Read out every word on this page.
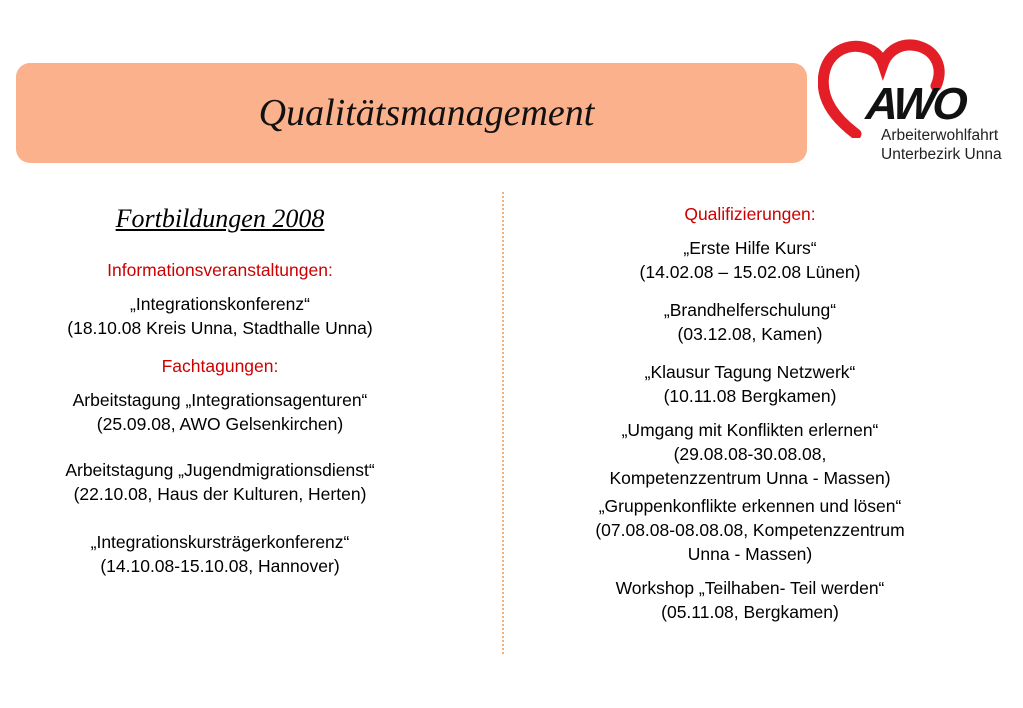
Qualitätsmanagement	AWO
Arbeiterwohlfahrt
Unterbezirk Unna

Fortbildungen 2008

Informationsveranstaltungen:

„Integrationskonferenz“

(18.10.08 Kreis Unna, Stadthalle Unna)

Fachtagungen:

Arbeitstagung „Integrationsagenturen“

(25.09.08, AWO Gelsenkirchen)

Arbeitstagung „Jugendmigrationsdienst“

(22.10.08, Haus der Kulturen, Herten)

„Integrationskursträgerkonferenz“

(14.10.08-15.10.08, Hannover)

Qualifizierungen:

„Erste Hilfe Kurs“

(14.02.08 – 15.02.08 Lünen)

„Brandhelferschulung“

(03.12.08, Kamen)

„Klausur Tagung Netzwerk“

(10.11.08 Bergkamen)

„Umgang mit Konflikten erlernen“

(29.08.08-30.08.08,

Kompetenzzentrum Unna - Massen)

„Gruppenkonflikte erkennen und lösen“

(07.08.08-08.08.08, Kompetenzzentrum

Unna - Massen)

Workshop „Teilhaben- Teil werden“

(05.11.08, Bergkamen)
